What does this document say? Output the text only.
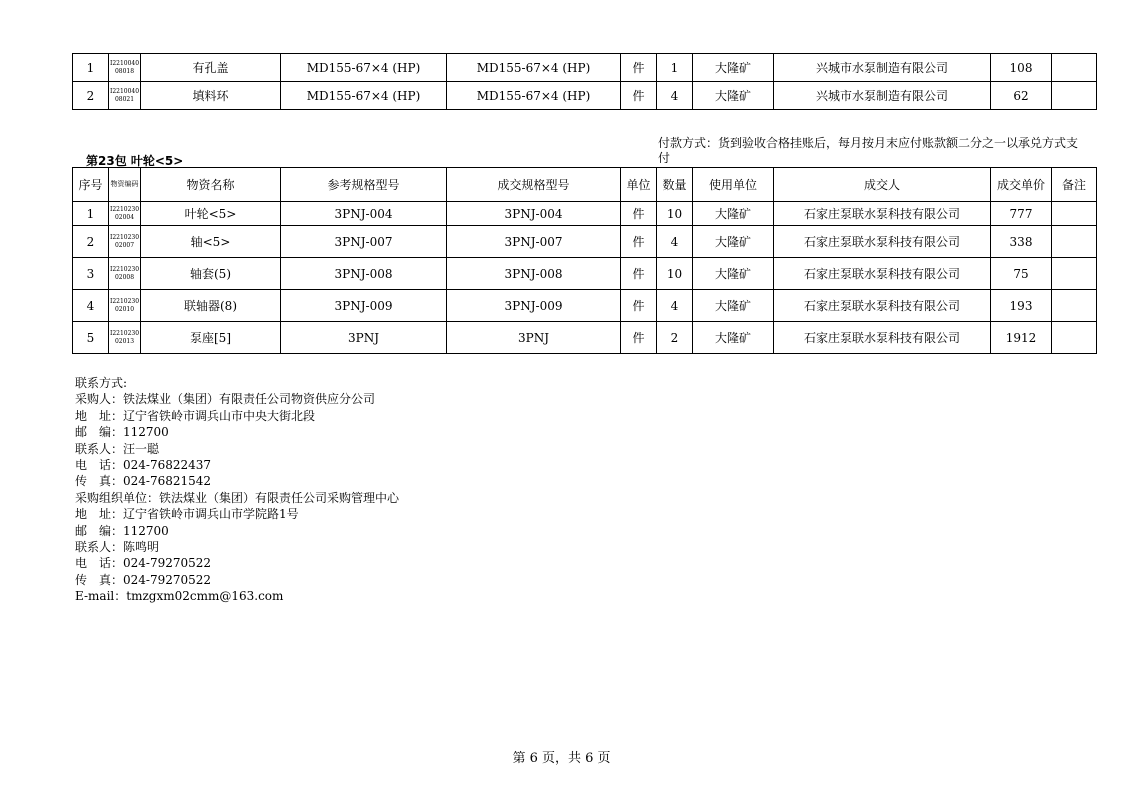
1	I221004008018	有孔盖	MD155-67×4 (HP)	MD155-67×4 (HP)	件	1	大隆矿	兴城市水泵制造有限公司	108	
2	I221004008021	填料环	MD155-67×4 (HP)	MD155-67×4 (HP)	件	4	大隆矿	兴城市水泵制造有限公司	62	
第23包 叶轮<5>
付款方式：货到验收合格挂账后，每月按月末应付账款额二分之一以承兑方式支付
序号	物资编码	物资名称	参考规格型号	成交规格型号	单位	数量	使用单位	成交人	成交单价	备注
1	I221023002004	叶轮<5>	3PNJ-004	3PNJ-004	件	10	大隆矿	石家庄泵联水泵科技有限公司	777	
2	I221023002007	轴<5>	3PNJ-007	3PNJ-007	件	4	大隆矿	石家庄泵联水泵科技有限公司	338	
3	I221023002008	轴套(5)	3PNJ-008	3PNJ-008	件	10	大隆矿	石家庄泵联水泵科技有限公司	75	
4	I221023002010	联轴器(8)	3PNJ-009	3PNJ-009	件	4	大隆矿	石家庄泵联水泵科技有限公司	193	
5	I221023002013	泵座[5]	3PNJ	3PNJ	件	2	大隆矿	石家庄泵联水泵科技有限公司	1912	
联系方式:
采购人：铁法煤业（集团）有限责任公司物资供应分公司
地　址：辽宁省铁岭市调兵山市中央大街北段
邮　编：112700
联系人：汪一聪
电　话：024-76822437
传　真：024-76821542
采购组织单位：铁法煤业（集团）有限责任公司采购管理中心
地　址：辽宁省铁岭市调兵山市学院路1号
邮　编：112700
联系人：陈鸣明
电　话：024-79270522
传　真：024-79270522
E-mail：tmzgxm02cmm@163.com
第 6 页，共 6 页
